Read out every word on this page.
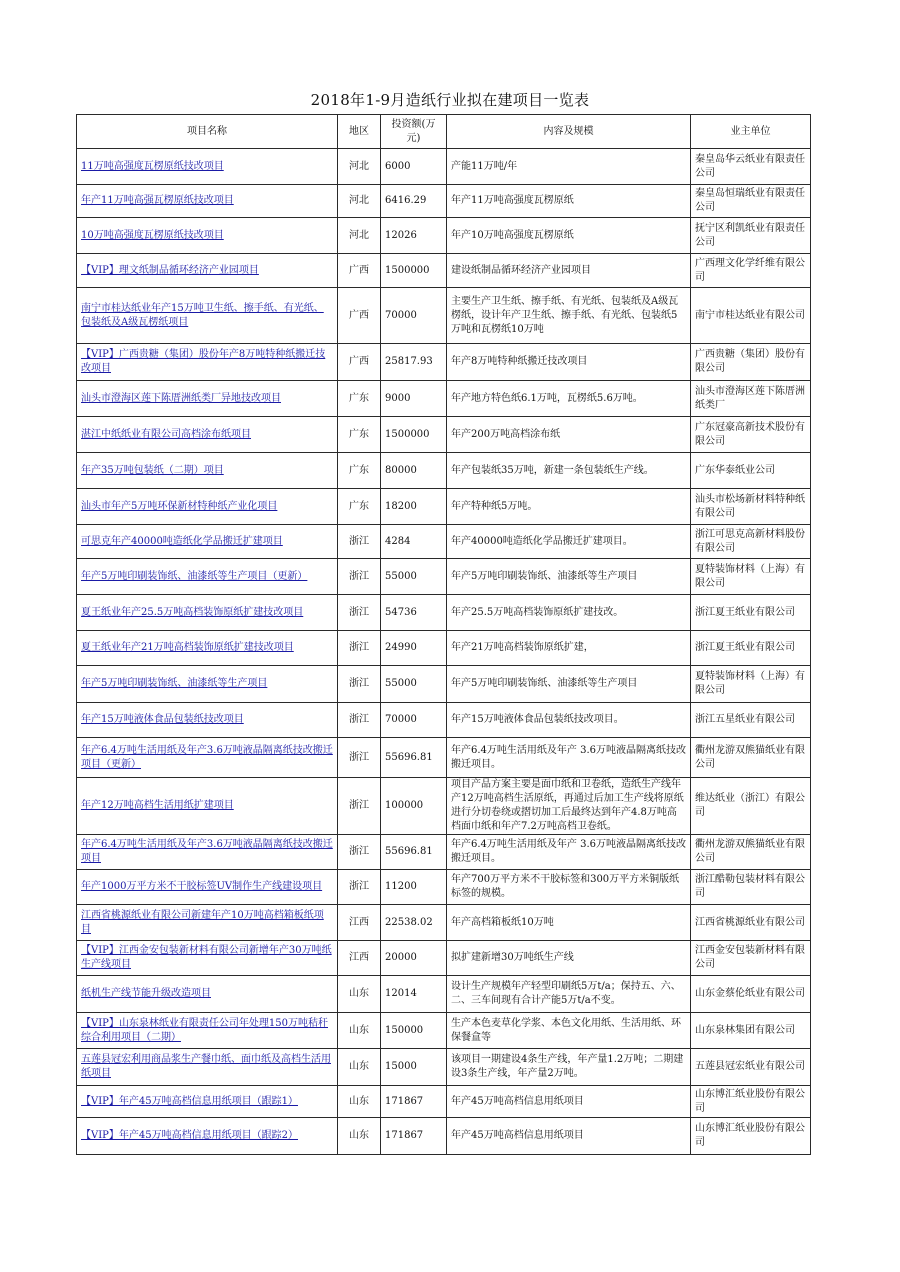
2018年1-9月造纸行业拟在建项目一览表
项目名称	地区	投资额(万元)	内容及规模	业主单位
11万吨高强度瓦楞原纸技改项目	河北	6000	产能11万吨/年	秦皇岛华云纸业有限责任公司
年产11万吨高强瓦楞原纸技改项目	河北	6416.29	年产11万吨高强度瓦楞原纸	秦皇岛恒瑞纸业有限责任公司
10万吨高强度瓦楞原纸技改项目	河北	12026	年产10万吨高强度瓦楞原纸	抚宁区利凯纸业有限责任公司
【VIP】理文纸制品循环经济产业园项目	广西	1500000	建设纸制品循环经济产业园项目	广西理文化学纤维有限公司
南宁市桂达纸业年产15万吨卫生纸、擦手纸、有光纸、包装纸及A级瓦楞纸项目	广西	70000	主要生产卫生纸、擦手纸、有光纸、包装纸及A级瓦楞纸，设计年产卫生纸、擦手纸、有光纸、包装纸5万吨和瓦楞纸10万吨	南宁市桂达纸业有限公司
【VIP】广西贵糖（集团）股份年产8万吨特种纸搬迁技改项目	广西	25817.93	年产8万吨特种纸搬迁技改项目	广西贵糖（集团）股份有限公司
汕头市澄海区莲下陈厝洲纸类厂异地技改项目	广东	9000	年产地方特色纸6.1万吨，瓦楞纸5.6万吨。	汕头市澄海区莲下陈厝洲纸类厂
湛江中纸纸业有限公司高档涂布纸项目	广东	1500000	年产200万吨高档涂布纸	广东冠豪高新技术股份有限公司
年产35万吨包装纸（二期）项目	广东	80000	年产包装纸35万吨，新建一条包装纸生产线。	广东华泰纸业公司
汕头市年产5万吨环保新材特种纸产业化项目	广东	18200	年产特种纸5万吨。	汕头市松场新材料特种纸有限公司
可思克年产40000吨造纸化学品搬迁扩建项目	浙江	4284	年产40000吨造纸化学品搬迁扩建项目。	浙江可思克高新材料股份有限公司
年产5万吨印刷装饰纸、油漆纸等生产项目（更新）	浙江	55000	年产5万吨印刷装饰纸、油漆纸等生产项目	夏特装饰材料（上海）有限公司
夏王纸业年产25.5万吨高档装饰原纸扩建技改项目	浙江	54736	年产25.5万吨高档装饰原纸扩建技改。	浙江夏王纸业有限公司
夏王纸业年产21万吨高档装饰原纸扩建技改项目	浙江	24990	年产21万吨高档装饰原纸扩建，	浙江夏王纸业有限公司
年产5万吨印刷装饰纸、油漆纸等生产项目	浙江	55000	年产5万吨印刷装饰纸、油漆纸等生产项目	夏特装饰材料（上海）有限公司
年产15万吨液体食品包装纸技改项目	浙江	70000	年产15万吨液体食品包装纸技改项目。	浙江五星纸业有限公司
年产6.4万吨生活用纸及年产3.6万吨液晶隔离纸技改搬迁项目（更新）	浙江	55696.81	年产6.4万吨生活用纸及年产 3.6万吨液晶隔离纸技改搬迁项目。	衢州龙游双熊猫纸业有限公司
年产12万吨高档生活用纸扩建项目	浙江	100000	项目产品方案主要是面巾纸和卫卷纸，造纸生产线年产12万吨高档生活原纸，再通过后加工生产线将原纸进行分切卷绕或摺切加工后最终达到年产4.8万吨高档面巾纸和年产7.2万吨高档卫卷纸。	维达纸业（浙江）有限公司
年产6.4万吨生活用纸及年产3.6万吨液晶隔离纸技改搬迁项目	浙江	55696.81	年产6.4万吨生活用纸及年产 3.6万吨液晶隔离纸技改搬迁项目。	衢州龙游双熊猫纸业有限公司
年产1000万平方米不干胶标签UV制作生产线建设项目	浙江	11200	年产700万平方米不干胶标签和300万平方米铜版纸标签的规模。	浙江酷勒包装材料有限公司
江西省桃源纸业有限公司新建年产10万吨高档箱板纸项目	江西	22538.02	年产高档箱板纸10万吨	江西省桃源纸业有限公司
【VIP】江西金安包装新材料有限公司新增年产30万吨纸生产线项目	江西	20000	拟扩建新增30万吨纸生产线	江西金安包装新材料有限公司
纸机生产线节能升级改造项目	山东	12014	设计生产规模年产轻型印刷纸5万t/a；保持五、六、二、三车间现有合计产能5万t/a不变。	山东金蔡伦纸业有限公司
【VIP】山东泉林纸业有限责任公司年处理150万吨秸秆综合利用项目（二期）	山东	150000	生产本色麦草化学浆、本色文化用纸、生活用纸、环保餐盒等	山东泉林集团有限公司
五莲县冠宏利用商品浆生产餐巾纸、面巾纸及高档生活用纸项目	山东	15000	该项目一期建设4条生产线，年产量1.2万吨；二期建设3条生产线，年产量2万吨。	五莲县冠宏纸业有限公司
【VIP】年产45万吨高档信息用纸项目（跟踪1）	山东	171867	年产45万吨高档信息用纸项目	山东博汇纸业股份有限公司
【VIP】年产45万吨高档信息用纸项目（跟踪2）	山东	171867	年产45万吨高档信息用纸项目	山东博汇纸业股份有限公司
